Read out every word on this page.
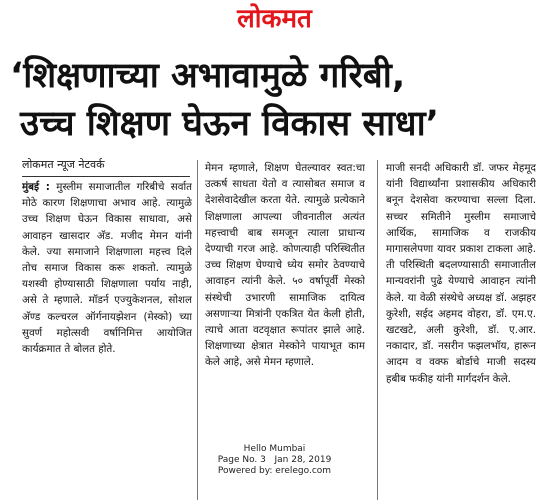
लोकमत
‘शिक्षणाच्या अभावामुळे गरिबी,
उच्च शिक्षण घेऊन विकास साधा’
लोकमत न्यूज नेटवर्क
मुंबई : मुस्लीम समाजातील गरिबीचे सर्वात मोठे कारण शिक्षणाचा अभाव आहे. त्यामुळे उच्च शिक्षण घेऊन विकास साधावा, असे आवाहन खासदार अ‍ॅड. मजीद मेमन यांनी केले. ज्या समाजाने शिक्षणाला महत्त्व दिले तोच समाज विकास करू शकतो. त्यामुळे यशस्वी होण्यासाठी शिक्षणाला पर्याय नाही, असे ते म्हणाले. मॉडर्न एज्युकेशनल, सोशल अ‍ॅण्ड कल्चरल ऑर्गनायझेशन (मेस्को) च्या सुवर्ण महोत्सवी वर्षानिमित्त आयोजित कार्यक्रमात ते बोलत होते.
मेमन म्हणाले, शिक्षण घेतल्यावर स्वत:चा उत्कर्ष साधता येतो व त्यासोबत समाज व देशसेवादेखील करता येते. त्यामुळे प्रत्येकाने शिक्षणाला आपल्या जीवनातील अत्यंत महत्त्वाची बाब समजून त्याला प्राधान्य देण्याची गरज आहे. कोणत्याही परिस्थितीत उच्च शिक्षण घेण्याचे ध्येय समोर ठेवण्याचे आवाहन त्यांनी केले. ५० वर्षापूर्वी मेस्को संस्थेची उभारणी सामाजिक दायित्व असणाऱ्या मित्रांनी एकत्रित येत केली होती, त्याचे आता वटवृक्षात रूपांतर झाले आहे. शिक्षणाच्या क्षेत्रात मेस्कोने पायाभूत काम केले आहे, असे मेमन म्हणाले.
माजी सनदी अधिकारी डॉ. जफर मेहमूद यांनी विद्यार्थ्यांना प्रशासकीय अधिकारी बनून देशसेवा करण्याचा सल्ला दिला. सच्चर समितीने मुस्लीम समाजाचे आर्थिक, सामाजिक व राजकीय मागासलेपणा यावर प्रकाश टाकला आहे. ती परिस्थिती बदलण्यासाठी समाजातील मान्यवरांनी पुढे येण्याचे आवाहन त्यांनी केले. या वेळी संस्थेचे अध्यक्ष डॉ. अझहर कुरेशी, सईद अहमद वोहरा, डॉ. एम.ए. खटखटे, अली कुरेशी, डॉ. ए.आर. नकादार, डॉ. नसरीन फझलभॉय, हारून आदम व वक्फ बोर्डाचे माजी सदस्य हबीब फकीह यांनी मार्गदर्शन केले.
Hello Mumbai
Page No. 3 Jan 28, 2019
Powered by: erelego.com
